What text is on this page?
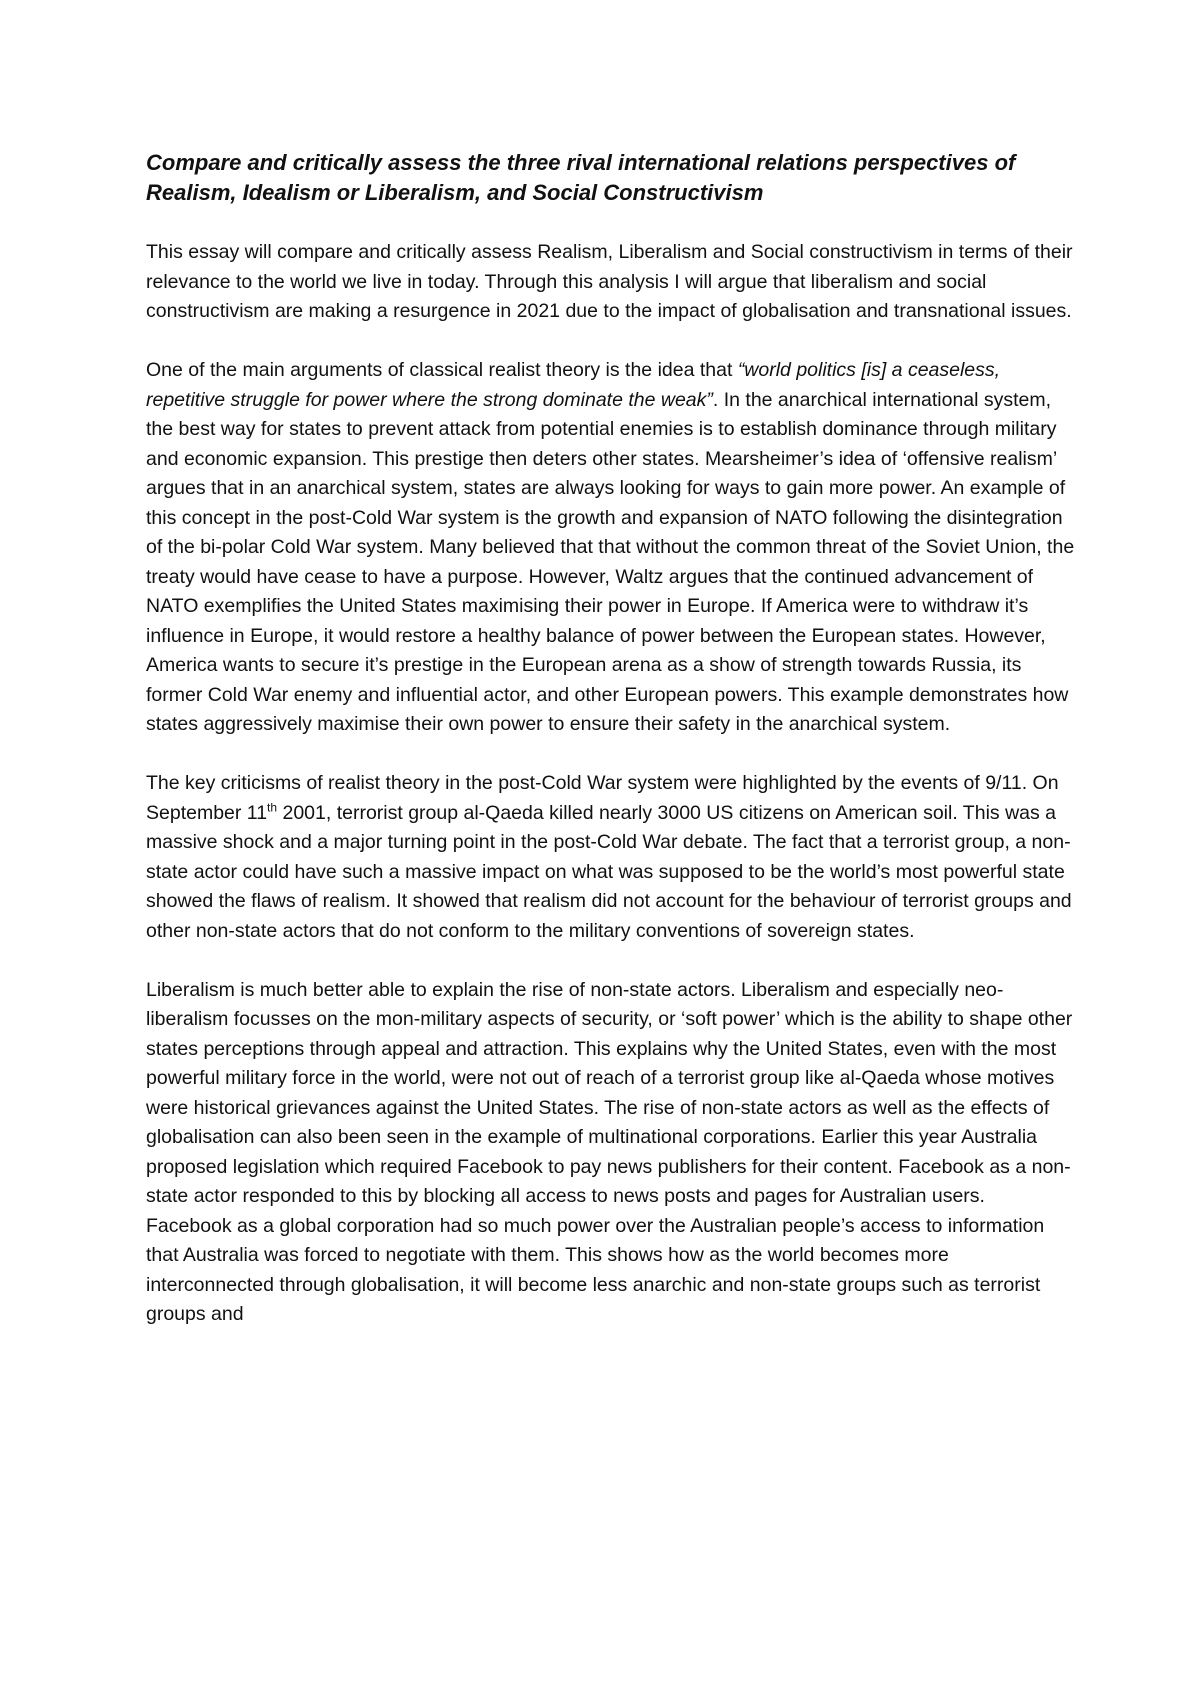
Compare and critically assess the three rival international relations perspectives of Realism, Idealism or Liberalism, and Social Constructivism

This essay will compare and critically assess Realism, Liberalism and Social constructivism in terms of their relevance to the world we live in today. Through this analysis I will argue that liberalism and social constructivism are making a resurgence in 2021 due to the impact of globalisation and transnational issues.

One of the main arguments of classical realist theory is the idea that “world politics [is] a ceaseless, repetitive struggle for power where the strong dominate the weak”. In the anarchical international system, the best way for states to prevent attack from potential enemies is to establish dominance through military and economic expansion. This prestige then deters other states. Mearsheimer’s idea of ‘offensive realism’ argues that in an anarchical system, states are always looking for ways to gain more power. An example of this concept in the post-Cold War system is the growth and expansion of NATO following the disintegration of the bi-polar Cold War system. Many believed that that without the common threat of the Soviet Union, the treaty would have cease to have a purpose. However, Waltz argues that the continued advancement of NATO exemplifies the United States maximising their power in Europe. If America were to withdraw it’s influence in Europe, it would restore a healthy balance of power between the European states. However, America wants to secure it’s prestige in the European arena as a show of strength towards Russia, its former Cold War enemy and influential actor, and other European powers. This example demonstrates how states aggressively maximise their own power to ensure their safety in the anarchical system.

The key criticisms of realist theory in the post-Cold War system were highlighted by the events of 9/11. On September 11th 2001, terrorist group al-Qaeda killed nearly 3000 US citizens on American soil. This was a massive shock and a major turning point in the post-Cold War debate. The fact that a terrorist group, a non-state actor could have such a massive impact on what was supposed to be the world’s most powerful state showed the flaws of realism. It showed that realism did not account for the behaviour of terrorist groups and other non-state actors that do not conform to the military conventions of sovereign states.

Liberalism is much better able to explain the rise of non-state actors. Liberalism and especially neo-liberalism focusses on the mon-military aspects of security, or ‘soft power’ which is the ability to shape other states perceptions through appeal and attraction. This explains why the United States, even with the most powerful military force in the world, were not out of reach of a terrorist group like al-Qaeda whose motives were historical grievances against the United States. The rise of non-state actors as well as the effects of globalisation can also been seen in the example of multinational corporations. Earlier this year Australia proposed legislation which required Facebook to pay news publishers for their content. Facebook as a non-state actor responded to this by blocking all access to news posts and pages for Australian users. Facebook as a global corporation had so much power over the Australian people’s access to information that Australia was forced to negotiate with them. This shows how as the world becomes more interconnected through globalisation, it will become less anarchic and non-state groups such as terrorist groups and
